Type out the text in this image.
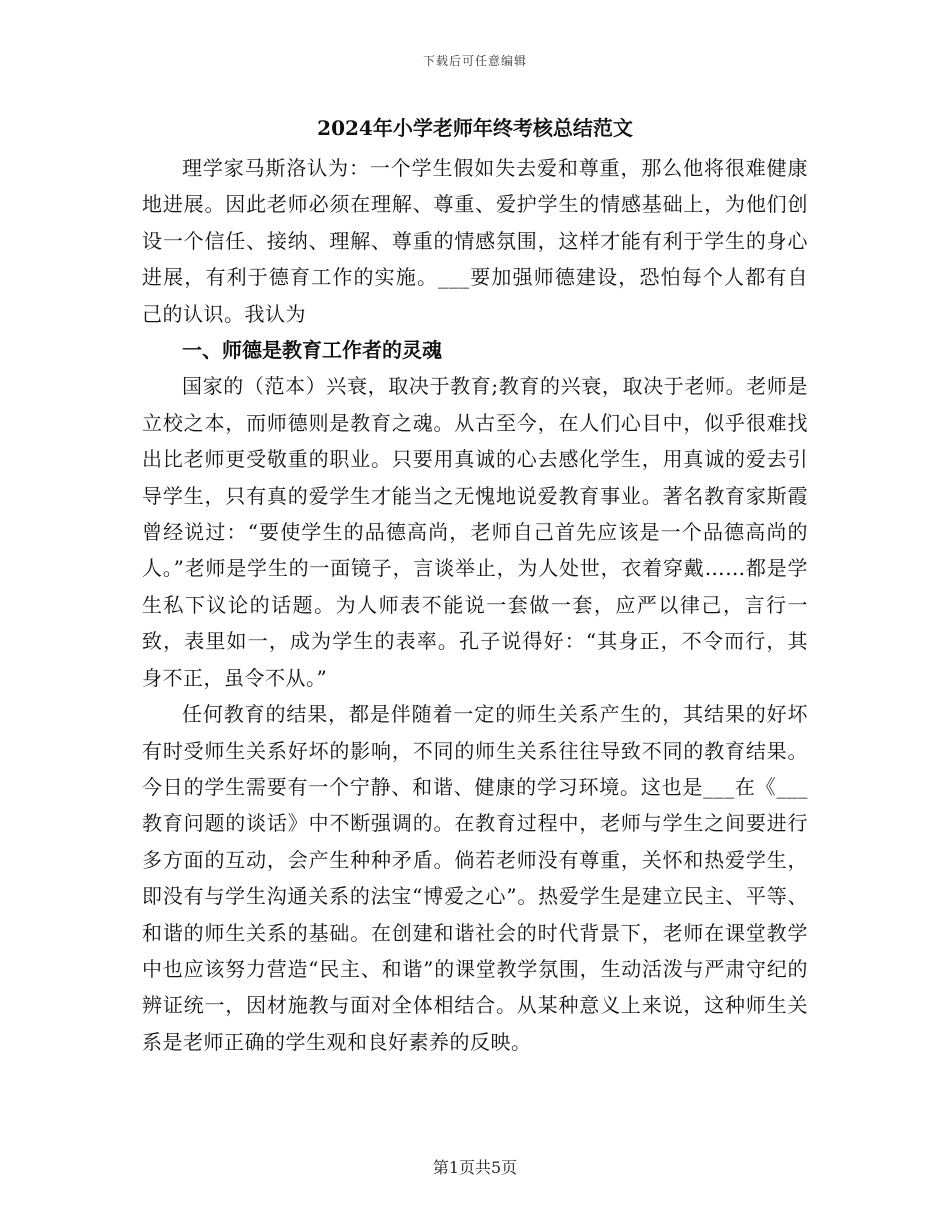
下载后可任意编辑
2024年小学老师年终考核总结范文

理学家马斯洛认为：一个学生假如失去爱和尊重，那么他将很难健康地进展。因此老师必须在理解、尊重、爱护学生的情感基础上，为他们创设一个信任、接纳、理解、尊重的情感氛围，这样才能有利于学生的身心进展，有利于德育工作的实施。___要加强师德建设，恐怕每个人都有自己的认识。我认为

一、师德是教育工作者的灵魂

国家的（范本）兴衰，取决于教育;教育的兴衰，取决于老师。老师是立校之本，而师德则是教育之魂。从古至今，在人们心目中，似乎很难找出比老师更受敬重的职业。只要用真诚的心去感化学生，用真诚的爱去引导学生，只有真的爱学生才能当之无愧地说爱教育事业。著名教育家斯霞曾经说过：“要使学生的品德高尚，老师自己首先应该是一个品德高尚的人。”老师是学生的一面镜子，言谈举止，为人处世，衣着穿戴……都是学生私下议论的话题。为人师表不能说一套做一套，应严以律己，言行一致，表里如一，成为学生的表率。孔子说得好：“其身正，不令而行，其身不正，虽令不从。”

任何教育的结果，都是伴随着一定的师生关系产生的，其结果的好坏有时受师生关系好坏的影响，不同的师生关系往往导致不同的教育结果。今日的学生需要有一个宁静、和谐、健康的学习环境。这也是___在《___教育问题的谈话》中不断强调的。在教育过程中，老师与学生之间要进行多方面的互动，会产生种种矛盾。倘若老师没有尊重，关怀和热爱学生，即没有与学生沟通关系的法宝“博爱之心”。热爱学生是建立民主、平等、和谐的师生关系的基础。在创建和谐社会的时代背景下，老师在课堂教学中也应该努力营造“民主、和谐”的课堂教学氛围，生动活泼与严肃守纪的辨证统一，因材施教与面对全体相结合。从某种意义上来说，这种师生关系是老师正确的学生观和良好素养的反映。

第1页共5页
